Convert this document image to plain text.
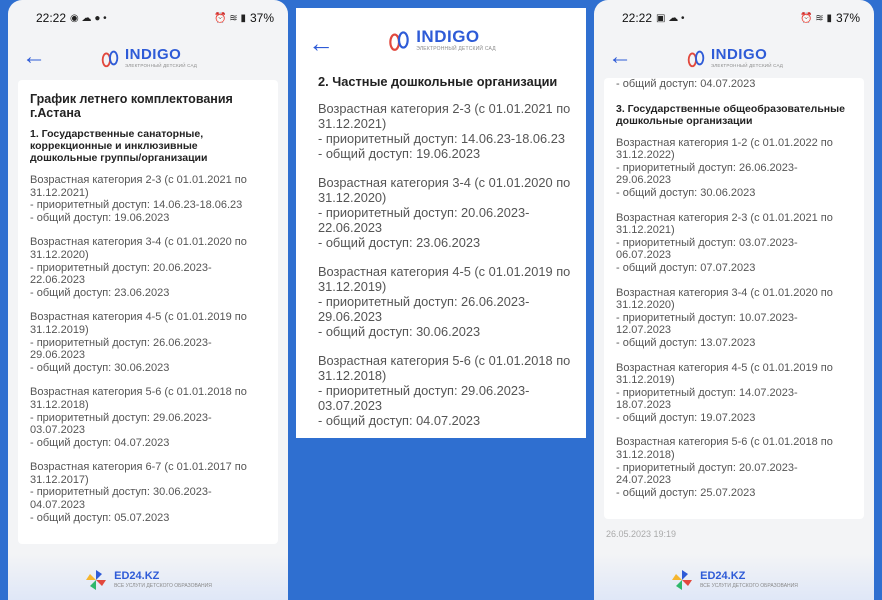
22:22 ◉ ☁ ● •	⏰ ≋ ▮ 37%
←	INDIGO
ЭЛЕКТРОННЫЙ ДЕТСКИЙ САД
График летнего комплектования г.Астана
1. Государственные санаторные, коррекционные и инклюзивные дошкольные группы/организации
Возрастная категория 2-3 (с 01.01.2021 по 31.12.2021)
- приоритетный доступ: 14.06.23-18.06.23
- общий доступ: 19.06.2023
Возрастная категория 3-4 (с 01.01.2020 по 31.12.2020)
- приоритетный доступ: 20.06.2023-22.06.2023
- общий доступ: 23.06.2023
Возрастная категория 4-5 (с 01.01.2019 по 31.12.2019)
- приоритетный доступ: 26.06.2023-29.06.2023
- общий доступ: 30.06.2023
Возрастная категория 5-6 (с 01.01.2018 по 31.12.2018)
- приоритетный доступ: 29.06.2023-03.07.2023
- общий доступ: 04.07.2023
Возрастная категория 6-7 (с 01.01.2017 по 31.12.2017)
- приоритетный доступ: 30.06.2023-04.07.2023
- общий доступ: 05.07.2023
ED24.KZ
ВСЕ УСЛУГИ ДЕТСКОГО ОБРАЗОВАНИЯ
←	INDIGO
ЭЛЕКТРОННЫЙ ДЕТСКИЙ САД
2. Частные дошкольные организации
Возрастная категория 2-3 (с 01.01.2021 по 31.12.2021)
- приоритетный доступ: 14.06.23-18.06.23
- общий доступ: 19.06.2023
Возрастная категория 3-4 (с 01.01.2020 по 31.12.2020)
- приоритетный доступ: 20.06.2023-22.06.2023
- общий доступ: 23.06.2023
Возрастная категория 4-5 (с 01.01.2019 по 31.12.2019)
- приоритетный доступ: 26.06.2023-29.06.2023
- общий доступ: 30.06.2023
Возрастная категория 5-6 (с 01.01.2018 по 31.12.2018)
- приоритетный доступ: 29.06.2023-03.07.2023
- общий доступ: 04.07.2023
22:22 ▣ ☁ •	⏰ ≋ ▮ 37%
←	INDIGO
ЭЛЕКТРОННЫЙ ДЕТСКИЙ САД
- общий доступ: 04.07.2023
3. Государственные общеобразовательные дошкольные организации
Возрастная категория 1-2 (с 01.01.2022 по 31.12.2022)
- приоритетный доступ: 26.06.2023-29.06.2023
- общий доступ: 30.06.2023
Возрастная категория 2-3 (с 01.01.2021 по 31.12.2021)
- приоритетный доступ: 03.07.2023-06.07.2023
- общий доступ: 07.07.2023
Возрастная категория 3-4 (с 01.01.2020 по 31.12.2020)
- приоритетный доступ: 10.07.2023-12.07.2023
- общий доступ: 13.07.2023
Возрастная категория 4-5 (с 01.01.2019 по 31.12.2019)
- приоритетный доступ: 14.07.2023-18.07.2023
- общий доступ: 19.07.2023
Возрастная категория 5-6 (с 01.01.2018 по 31.12.2018)
- приоритетный доступ: 20.07.2023-24.07.2023
- общий доступ: 25.07.2023
26.05.2023 19:19
ED24.KZ
ВСЕ УСЛУГИ ДЕТСКОГО ОБРАЗОВАНИЯ
